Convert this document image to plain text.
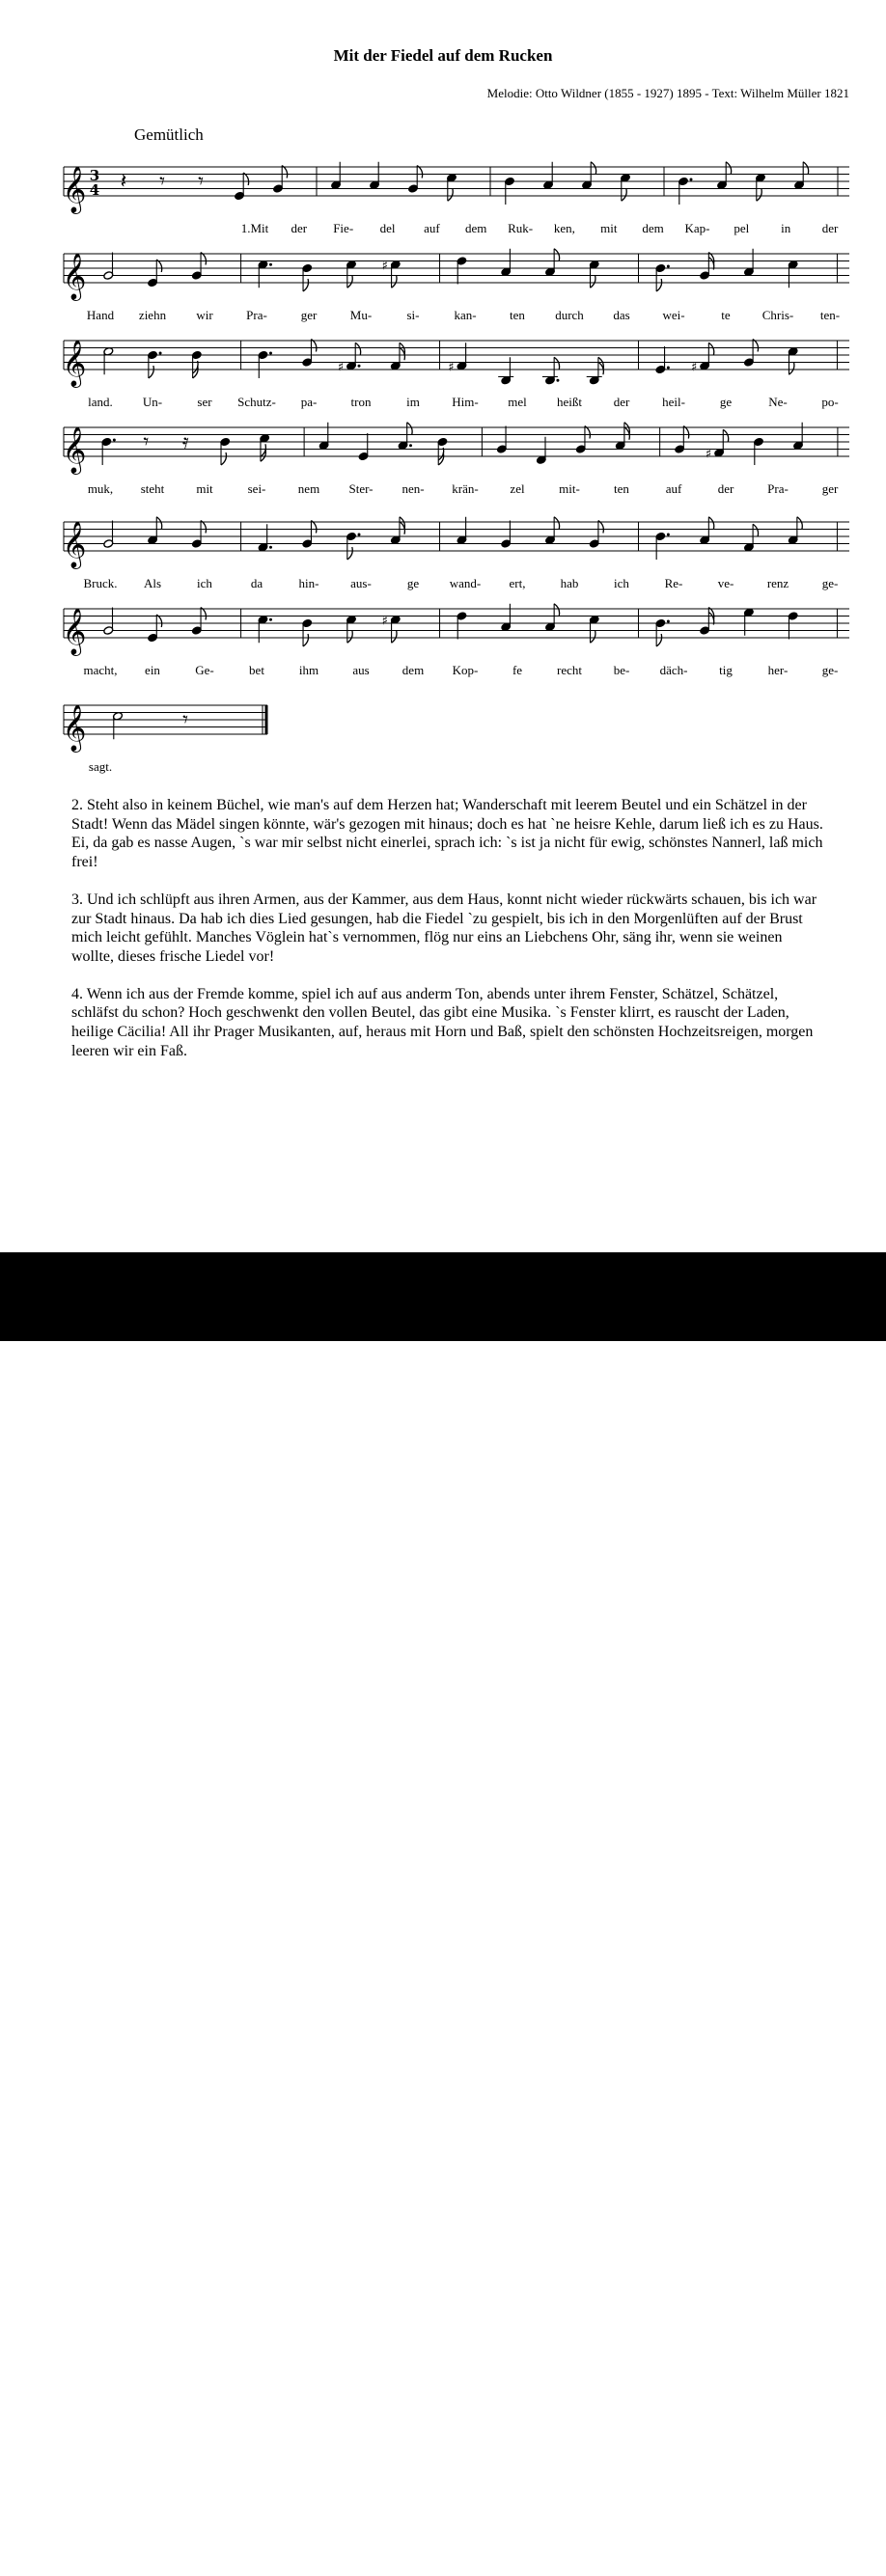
Mit der Fiedel auf dem Rucken
Melodie: Otto Wildner (1855 - 1927) 1895 - Text: Wilhelm Müller 1821
Gemütlich
𝄞 3
4 𝄽 𝄾 𝄾
1.Mit der Fie- del auf dem Ruk- ken, mit dem Kap- pel	in der
𝄞	♯
Hand ziehn wir	Pra-	ger	Mu-	si-	kan-	ten durch das	wei-	te	Chris- ten-
𝄞	♯	♯	♯
land. Un-	ser Schutz- pa-	tron	im	Him- mel heißt	der	heil-	ge	Ne-	po-
𝄞	𝄾 𝄿	♯
muk, steht	mit	sei-	nem Ster- nen- krän-	zel	mit-	ten	auf	der	Pra-	ger
𝄞
Bruck. Als	ich	da	hin-	aus-	ge wand- ert,	hab	ich	Re-	ve-	renz	ge-
𝄞	♯
macht, ein	Ge-	bet	ihm	aus	dem Kop-	fe	recht	be- däch-	tig	her-	ge-
𝄞	𝄾
sagt.

2. Steht also in keinem Büchel, wie man's auf dem Herzen hat; Wanderschaft mit leerem Beutel und ein Schätzel in der Stadt! Wenn das Mädel singen könnte, wär's gezogen mit hinaus; doch es hat `ne heisre Kehle, darum ließ ich es zu Haus. Ei, da gab es nasse Augen, `s war mir selbst nicht einerlei, sprach ich: `s ist ja nicht für ewig, schönstes Nannerl, laß mich frei!

3. Und ich schlüpft aus ihren Armen, aus der Kammer, aus dem Haus, konnt nicht wieder rückwärts schauen, bis ich war zur Stadt hinaus. Da hab ich dies Lied gesungen, hab die Fiedel `zu gespielt, bis ich in den Morgenlüften auf der Brust mich leicht gefühlt. Manches Vöglein hat`s vernommen, flög nur eins an Liebchens Ohr, säng ihr, wenn sie weinen wollte, dieses frische Liedel vor!

4. Wenn ich aus der Fremde komme, spiel ich auf aus anderm Ton, abends unter ihrem Fenster, Schätzel, Schätzel, schläfst du schon? Hoch geschwenkt den vollen Beutel, das gibt eine Musika. `s Fenster klirrt, es rauscht der Laden, heilige Cäcilia! All ihr Prager Musikanten, auf, heraus mit Horn und Baß, spielt den schönsten Hochzeitsreigen, morgen leeren wir ein Faß.

alamy	J463YJ
www.alamy.com
